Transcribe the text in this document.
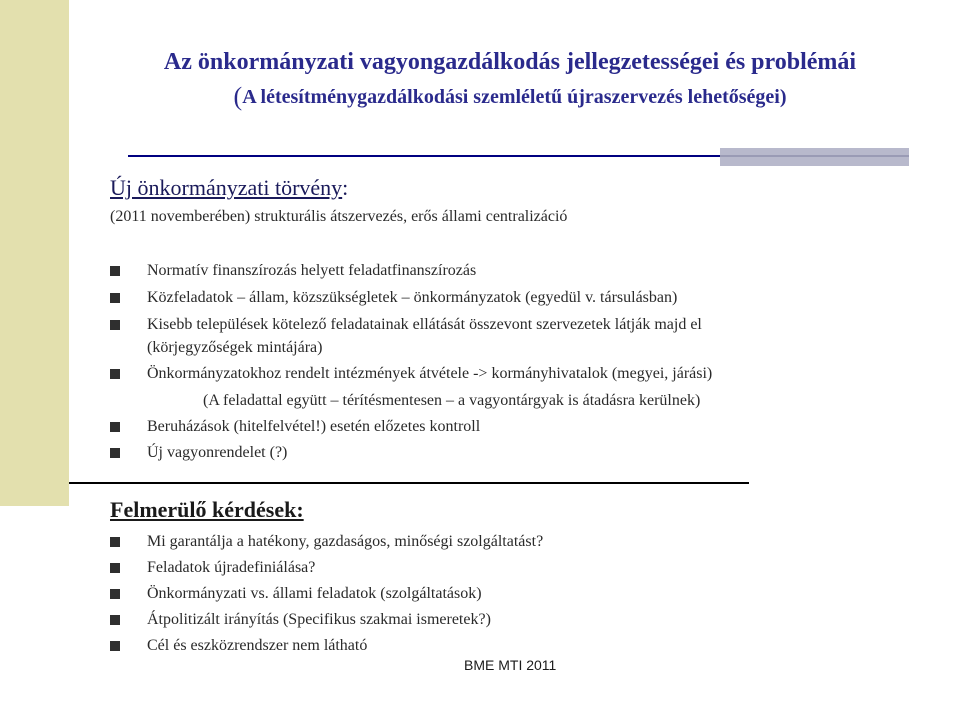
Az önkormányzati vagyongazdálkodás jellegzetességei és problémái
(A létesítménygazdálkodási szemléletű újraszervezés lehetőségei)

Új önkormányzati törvény:

(2011 novemberében) strukturális átszervezés, erős állami centralizáció

Normatív finanszírozás helyett feladatfinanszírozás
Közfeladatok – állam, közszükségletek – önkormányzatok (egyedül v. társulásban)
Kisebb települések kötelező feladatainak ellátását összevont szervezetek látják majd el
(körjegyzőségek mintájára)
Önkormányzatokhoz rendelt intézmények átvétele -> kormányhivatalok (megyei, járási)

(A feladattal együtt – térítésmentesen – a vagyontárgyak is átadásra kerülnek)

Beruházások (hitelfelvétel!) esetén előzetes kontroll
Új vagyonrendelet (?)

Felmerülő kérdések:

Mi garantálja a hatékony, gazdaságos, minőségi szolgáltatást?
Feladatok újradefiniálása?
Önkormányzati vs. állami feladatok (szolgáltatások)
Átpolitizált irányítás (Specifikus szakmai ismeretek?)
Cél és eszközrendszer nem látható

BME MTI 2011
